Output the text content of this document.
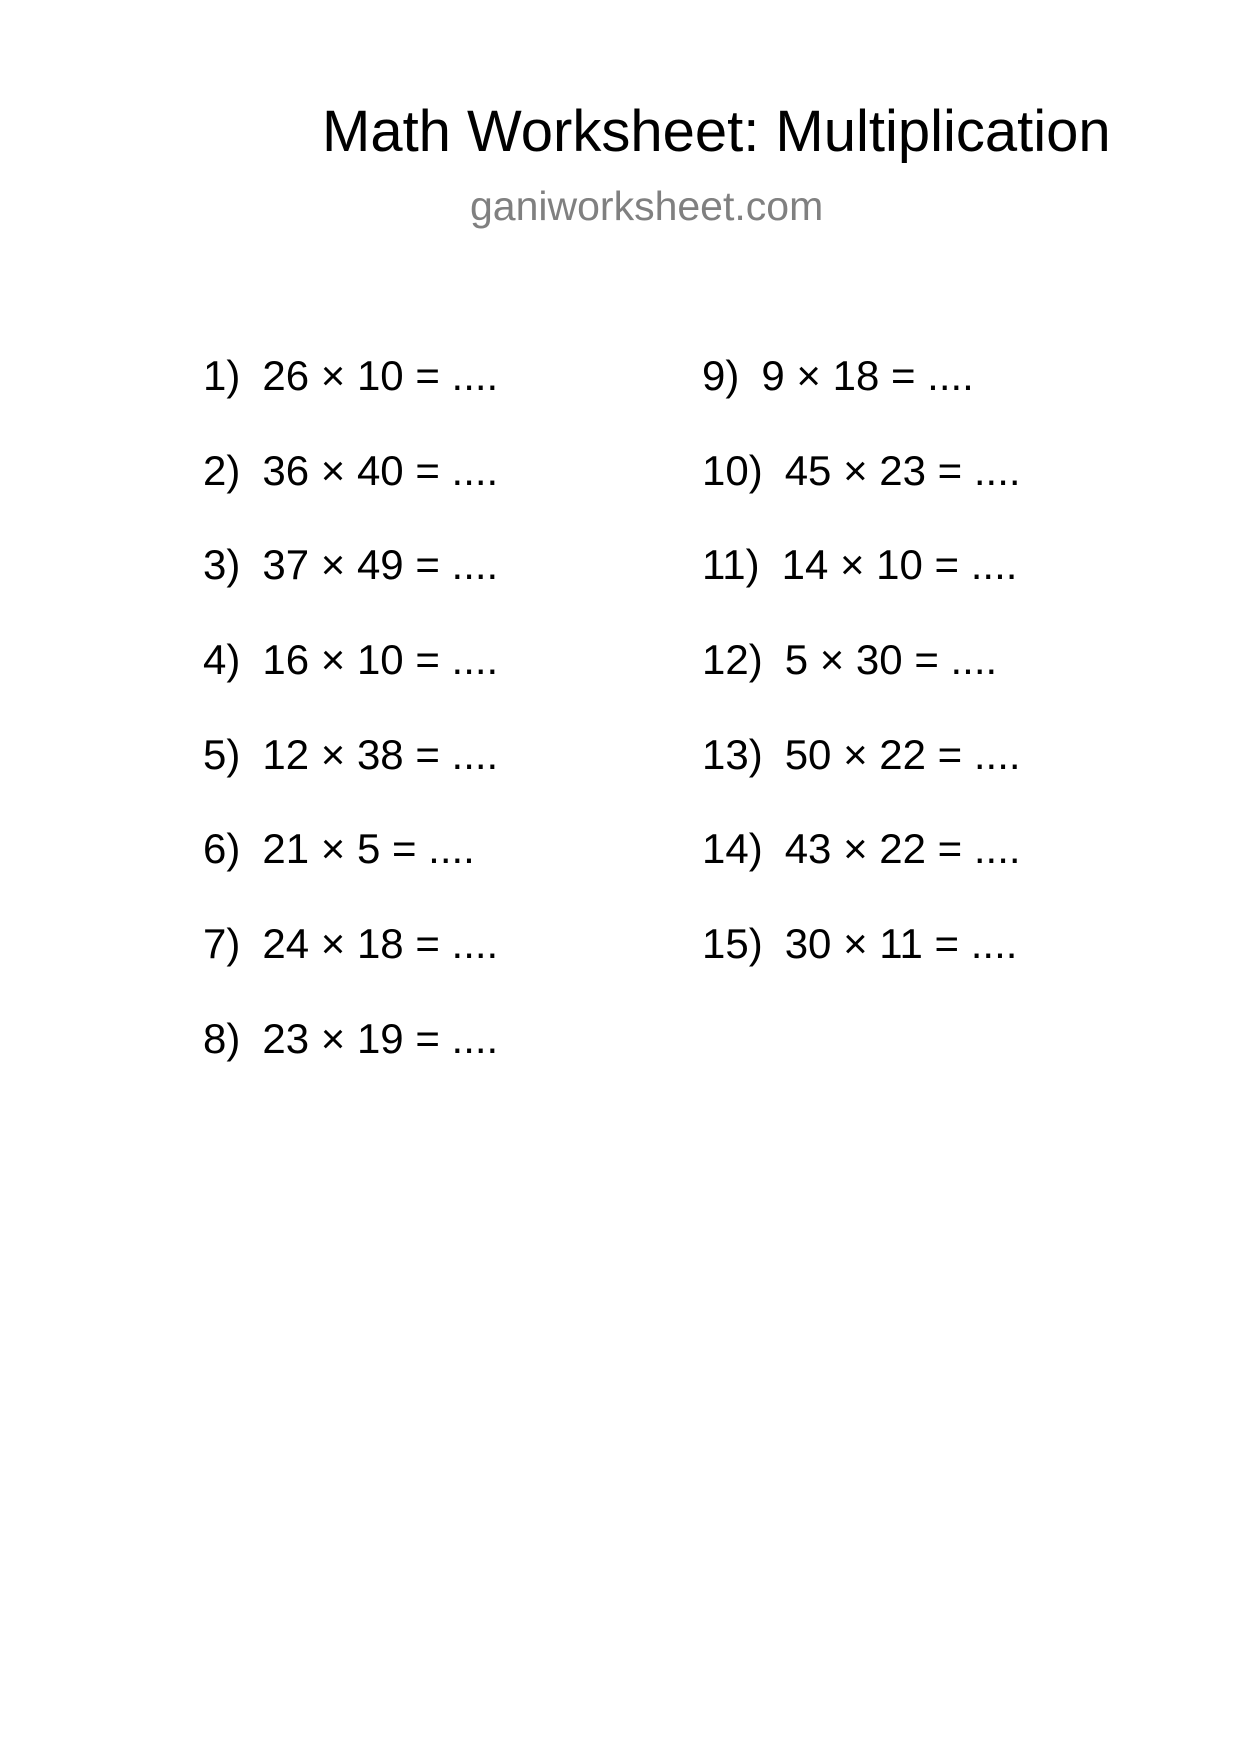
Math Worksheet: Multiplication
ganiworksheet.com
1) 26 × 10 = ....
2) 36 × 40 = ....
3) 37 × 49 = ....
4) 16 × 10 = ....
5) 12 × 38 = ....
6) 21 × 5 = ....
7) 24 × 18 = ....
8) 23 × 19 = ....
9) 9 × 18 = ....
10) 45 × 23 = ....
11) 14 × 10 = ....
12) 5 × 30 = ....
13) 50 × 22 = ....
14) 43 × 22 = ....
15) 30 × 11 = ....
